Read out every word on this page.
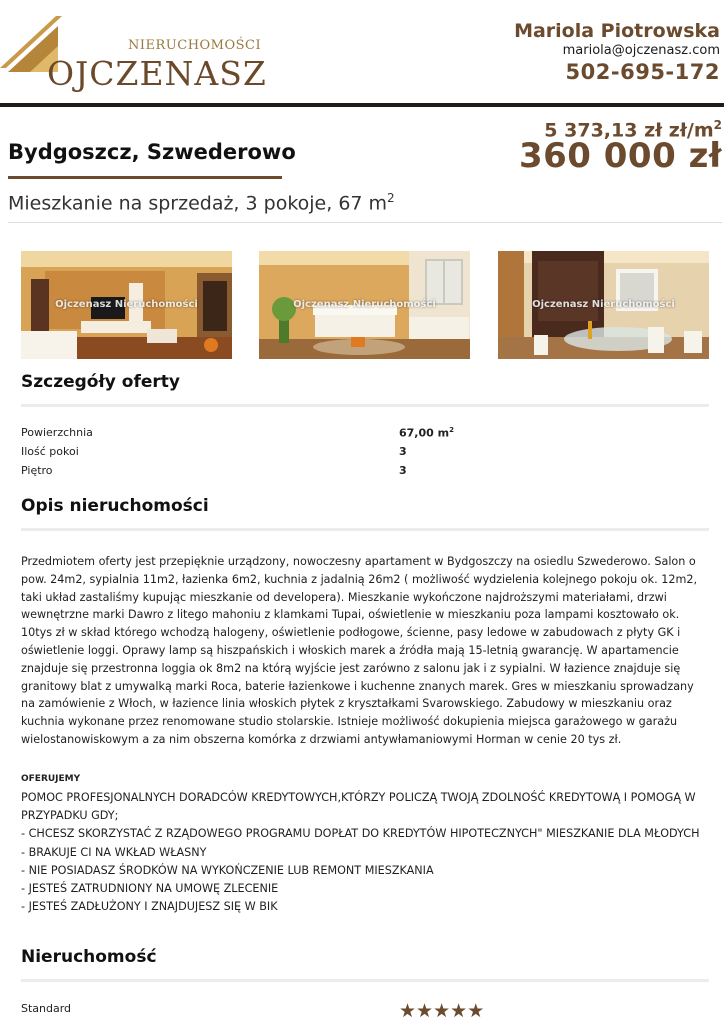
NIERUCHOMOŚCI
OJCZENASZ
Mariola Piotrowska
mariola@ojczenasz.com
502-695-172
Bydgoszcz, Szwederowo
5 373,13 zł $zł/m^2$
360 000 zł
Mieszkanie na sprzedaż, 3 pokoje, 67 $m^2$
Ojczenasz Nieruchomości	Ojczenasz Nieruchomości	Ojczenasz Nieruchomości
Szczegóły oferty
Powierzchnia	67,00 $m^2$
Ilość pokoi	3
Piętro	3
Opis nieruchomości
Przedmiotem oferty jest przepięknie urządzony, nowoczesny apartament w Bydgoszczy na osiedlu Szwederowo. Salon o pow. 24m2, sypialnia 11m2, łazienka 6m2, kuchnia z jadalnią 26m2 ( możliwość wydzielenia kolejnego pokoju ok. 12m2, taki układ zastaliśmy kupując mieszkanie od developera). Mieszkanie wykończone najdroższymi materiałami, drzwi wewnętrzne marki Dawro z litego mahoniu z klamkami Tupai, oświetlenie w mieszkaniu poza lampami kosztowało ok. 10tys zł w skład którego wchodzą halogeny, oświetlenie podłogowe, ścienne, pasy ledowe w zabudowach z płyty GK i oświetlenie loggi. Oprawy lamp są hiszpańskich i włoskich marek a źródła mają 15-letnią gwarancję. W apartamencie znajduje się przestronna loggia ok 8m2 na którą wyjście jest zarówno z salonu jak i z sypialni. W łazience znajduje się granitowy blat z umywalką marki Roca, baterie łazienkowe i kuchenne znanych marek. Gres w mieszkaniu sprowadzany na zamówienie z Włoch, w łazience linia włoskich płytek z kryształkami Svarowskiego. Zabudowy w mieszkaniu oraz kuchnia wykonane przez renomowane studio stolarskie. Istnieje możliwość dokupienia miejsca garażowego w garażu wielostanowiskowym a za nim obszerna komórka z drzwiami antywłamaniowymi Horman w cenie 20 tys zł.
OFERUJEMY
POMOC PROFESJONALNYCH DORADCÓW KREDYTOWYCH,KTÓRZY POLICZĄ TWOJĄ ZDOLNOŚĆ KREDYTOWĄ I POMOGĄ W PRZYPADKU GDY;
- CHCESZ SKORZYSTAĆ Z RZĄDOWEGO PROGRAMU DOPŁAT DO KREDYTÓW HIPOTECZNYCH" MIESZKANIE DLA MŁODYCH
- BRAKUJE CI NA WKŁAD WŁASNY
- NIE POSIADASZ ŚRODKÓW NA WYKOŃCZENIE LUB REMONT MIESZKANIA
- JESTEŚ ZATRUDNIONY NA UMOWĘ ZLECENIE
- JESTEŚ ZADŁUŻONY I ZNAJDUJESZ SIĘ W BIK
Nieruchomość
Standard	★★★★★
